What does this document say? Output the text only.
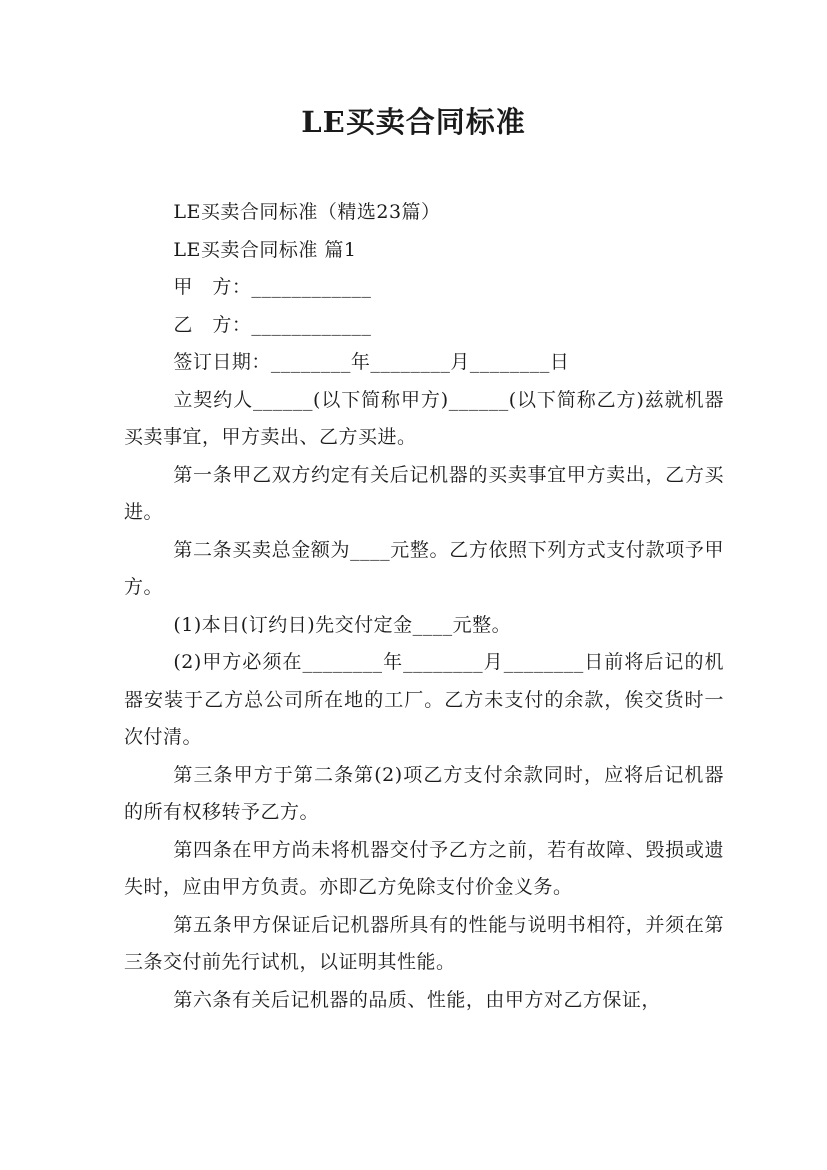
LE买卖合同标准

LE买卖合同标准（精选23篇）

LE买卖合同标准 篇1

甲　方：____________

乙　方：____________

签订日期：________年________月________日

立契约人______(以下简称甲方)______(以下简称乙方)兹就机器买卖事宜，甲方卖出、乙方买进。

第一条甲乙双方约定有关后记机器的买卖事宜甲方卖出，乙方买进。

第二条买卖总金额为____元整。乙方依照下列方式支付款项予甲方。

(1)本日(订约日)先交付定金____元整。

(2)甲方必须在________年________月________日前将后记的机器安装于乙方总公司所在地的工厂。乙方未支付的余款，俟交货时一次付清。

第三条甲方于第二条第(2)项乙方支付余款同时，应将后记机器的所有权移转予乙方。

第四条在甲方尚未将机器交付予乙方之前，若有故障、毁损或遗失时，应由甲方负责。亦即乙方免除支付价金义务。

第五条甲方保证后记机器所具有的性能与说明书相符，并须在第三条交付前先行试机，以证明其性能。

第六条有关后记机器的品质、性能，由甲方对乙方保证，
